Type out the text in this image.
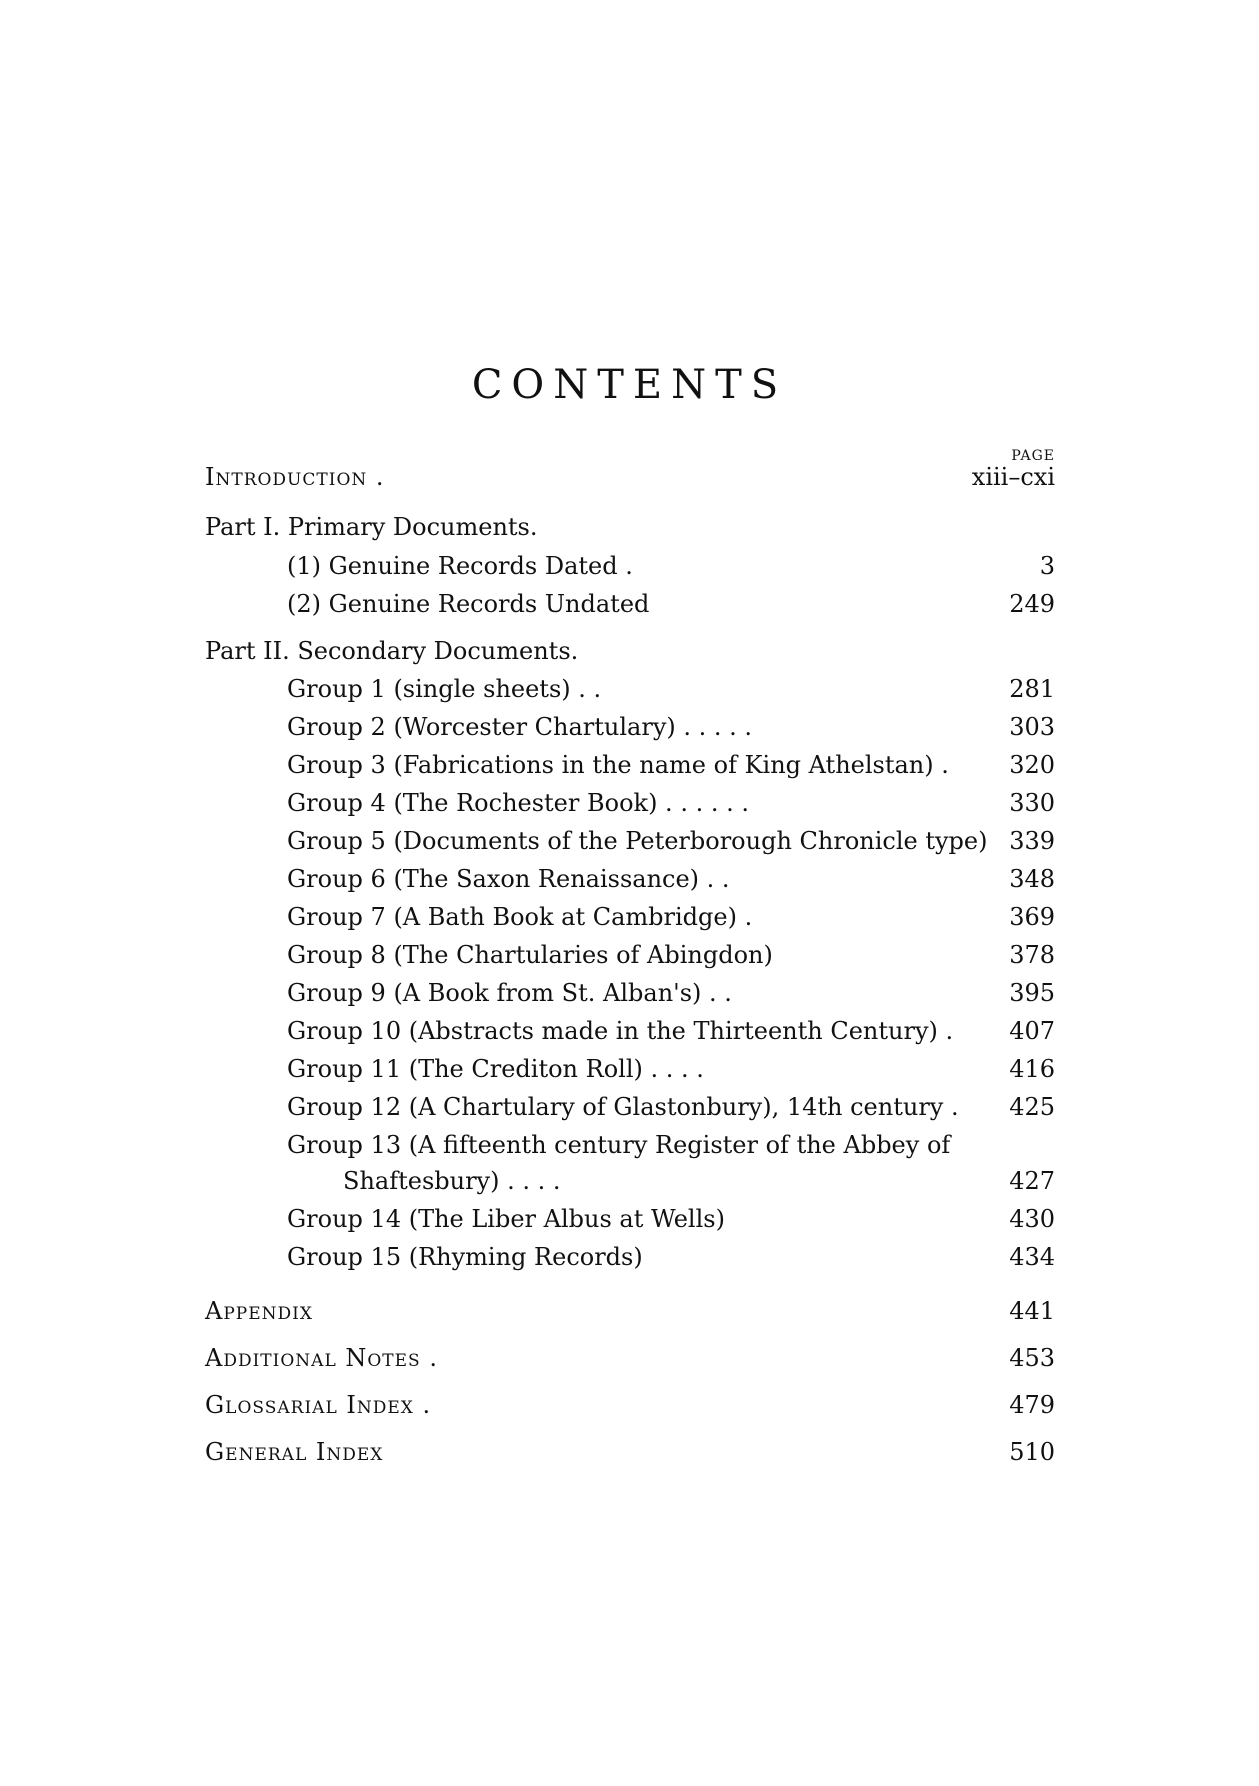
CONTENTS
PAGE
Introduction .	xiii–cxi
Part I. Primary Documents.
(1) Genuine Records Dated .	3
(2) Genuine Records Undated	249
Part II. Secondary Documents.
Group 1 (single sheets) . .	281
Group 2 (Worcester Chartulary) . . . . .	303
Group 3 (Fabrications in the name of King Athelstan) .	320
Group 4 (The Rochester Book) . . . . . .	330
Group 5 (Documents of the Peterborough Chronicle type) 339
Group 6 (The Saxon Renaissance) . .	348
Group 7 (A Bath Book at Cambridge) .	369
Group 8 (The Chartularies of Abingdon)	378
Group 9 (A Book from St. Alban's) . .	395
Group 10 (Abstracts made in the Thirteenth Century) . 407
Group 11 (The Crediton Roll) . . . .	416
Group 12 (A Chartulary of Glastonbury), 14th century . 425
Group 13 (A fifteenth century Register of the Abbey of
Shaftesbury) . . . .	427
Group 14 (The Liber Albus at Wells)	430
Group 15 (Rhyming Records)	434
Appendix	441
Additional Notes .	453
Glossarial Index .	479
General Index	510
